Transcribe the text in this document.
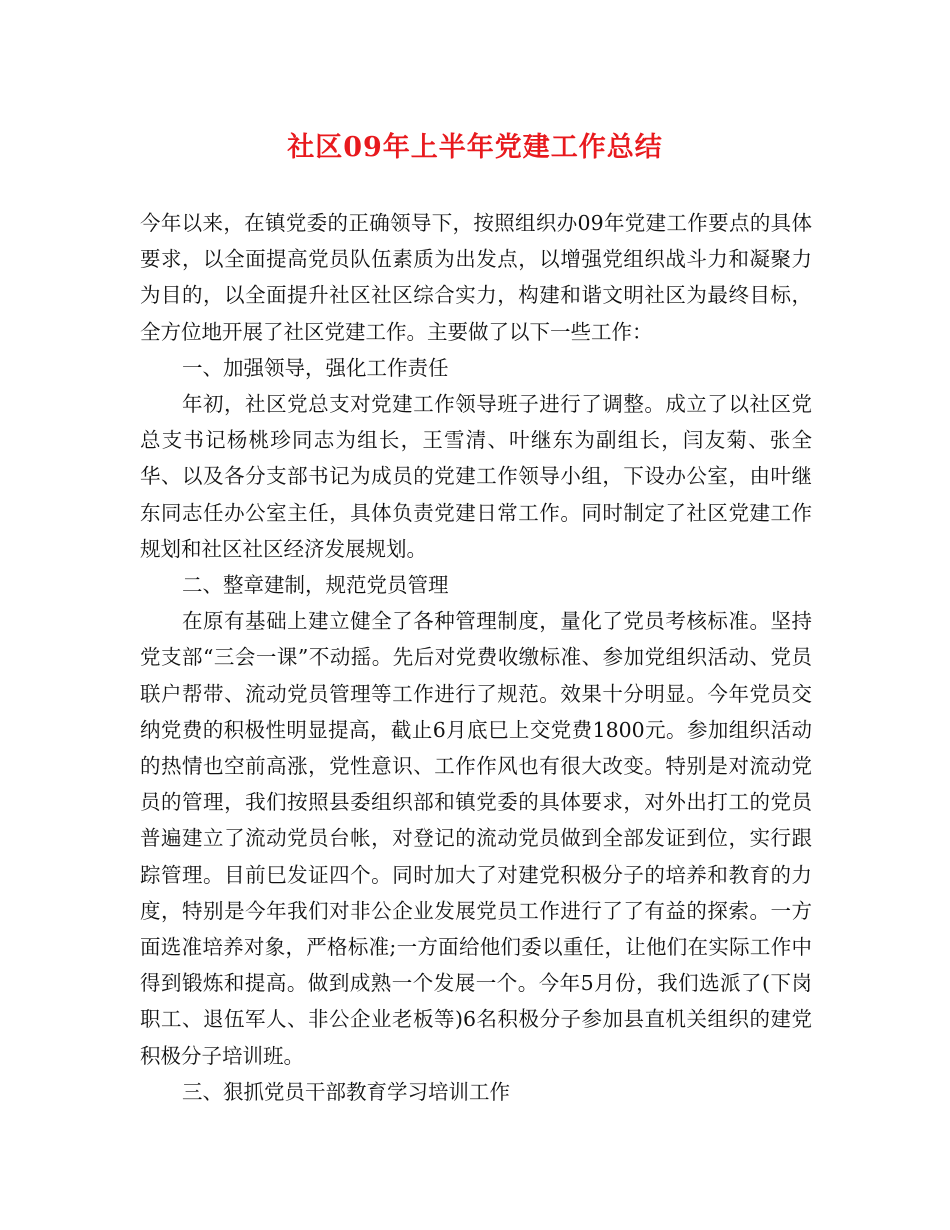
社区09年上半年党建工作总结

今年以来，在镇党委的正确领导下，按照组织办09年党建工作要点的具体要求，以全面提高党员队伍素质为出发点，以增强党组织战斗力和凝聚力为目的，以全面提升社区社区综合实力，构建和谐文明社区为最终目标，全方位地开展了社区党建工作。主要做了以下一些工作：

一、加强领导，强化工作责任

年初，社区党总支对党建工作领导班子进行了调整。成立了以社区党总支书记杨桃珍同志为组长，王雪清、叶继东为副组长，闫友菊、张全华、以及各分支部书记为成员的党建工作领导小组，下设办公室，由叶继东同志任办公室主任，具体负责党建日常工作。同时制定了社区党建工作规划和社区社区经济发展规划。

二、整章建制，规范党员管理

在原有基础上建立健全了各种管理制度，量化了党员考核标准。坚持党支部“三会一课”不动摇。先后对党费收缴标准、参加党组织活动、党员联户帮带、流动党员管理等工作进行了规范。效果十分明显。今年党员交纳党费的积极性明显提高，截止6月底巳上交党费1800元。参加组织活动的热情也空前高涨，党性意识、工作作风也有很大改变。特别是对流动党员的管理，我们按照县委组织部和镇党委的具体要求，对外出打工的党员普遍建立了流动党员台帐，对登记的流动党员做到全部发证到位，实行跟踪管理。目前巳发证四个。同时加大了对建党积极分子的培养和教育的力度，特别是今年我们对非公企业发展党员工作进行了了有益的探索。一方面选准培养对象，严格标准;一方面给他们委以重任，让他们在实际工作中得到锻炼和提高。做到成熟一个发展一个。今年5月份，我们选派了(下岗职工、退伍军人、非公企业老板等)6名积极分子参加县直机关组织的建党积极分子培训班。

三、狠抓党员干部教育学习培训工作
